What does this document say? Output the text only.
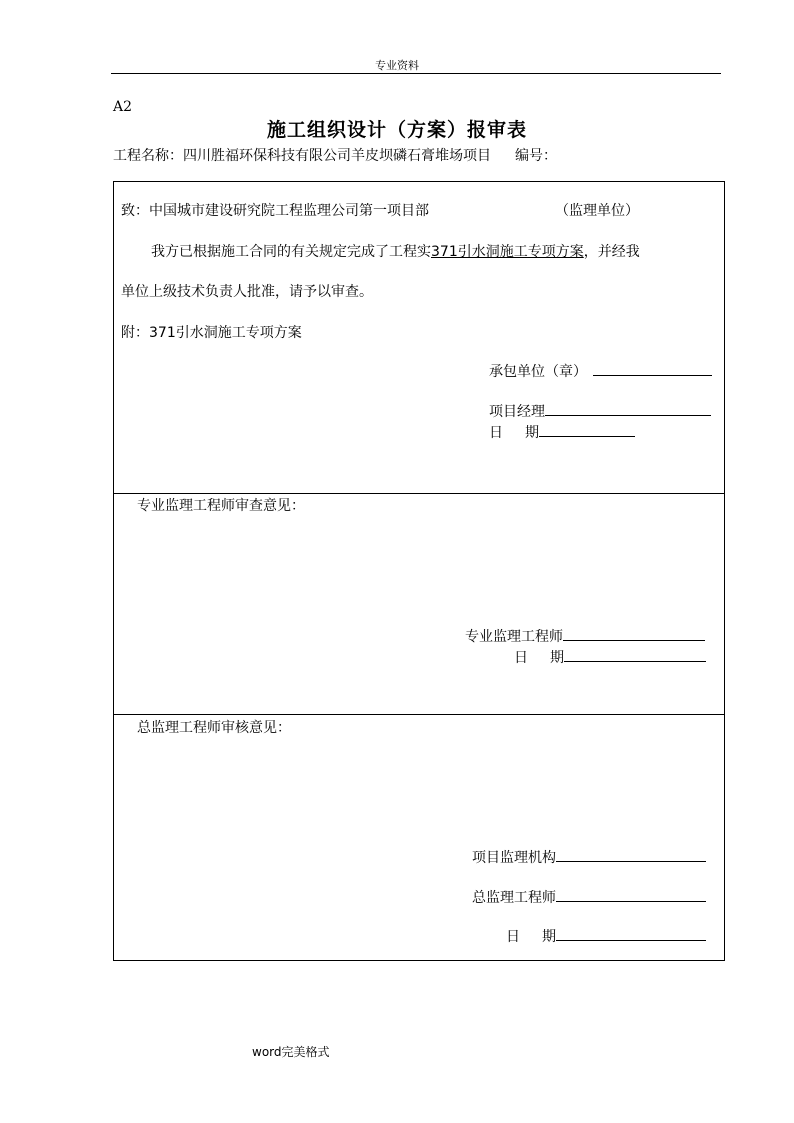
专业资料
A2
施工组织设计（方案）报审表
工程名称：四川胜福环保科技有限公司羊皮坝磷石膏堆场项目 编号：
致：中国城市建设研究院工程监理公司第一项目部	（监理单位）
我方已根据施工合同的有关规定完成了工程实371引水洞施工专项方案，并经我
单位上级技术负责人批准，请予以审查。
附：371引水洞施工专项方案
承包单位（章）
项目经理
日 期
专业监理工程师审查意见：
专业监理工程师
日 期
总监理工程师审核意见：
项目监理机构
总监理工程师
日 期
word完美格式
